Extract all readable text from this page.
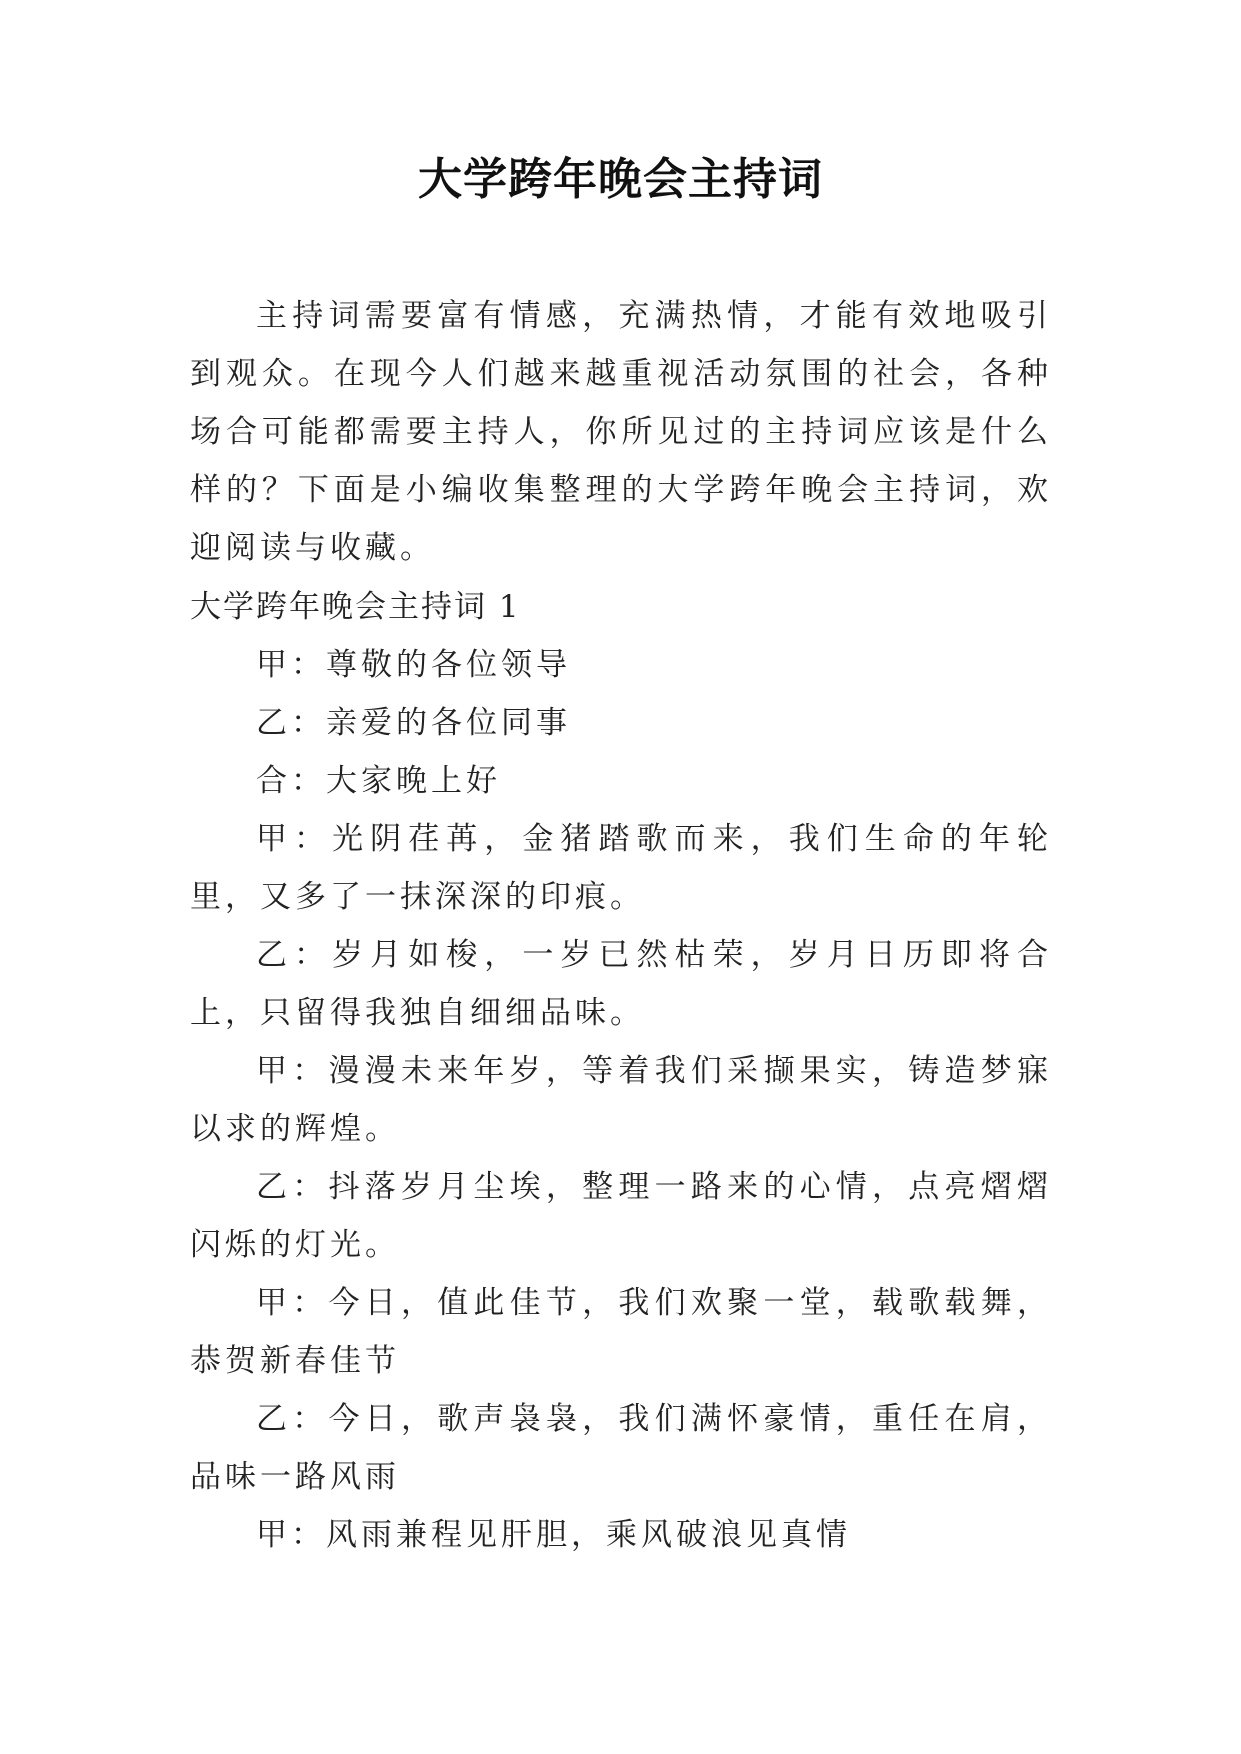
大学跨年晚会主持词
主持词需要富有情感，充满热情，才能有效地吸引到观众。在现今人们越来越重视活动氛围的社会，各种场合可能都需要主持人，你所见过的主持词应该是什么样的？下面是小编收集整理的大学跨年晚会主持词，欢迎阅读与收藏。
大学跨年晚会主持词 1
甲：尊敬的各位领导
乙：亲爱的各位同事
合：大家晚上好
甲：光阴荏苒，金猪踏歌而来，我们生命的年轮里，又多了一抹深深的印痕。
乙：岁月如梭，一岁已然枯荣，岁月日历即将合上，只留得我独自细细品味。
甲：漫漫未来年岁，等着我们采撷果实，铸造梦寐以求的辉煌。
乙：抖落岁月尘埃，整理一路来的心情，点亮熠熠闪烁的灯光。
甲：今日，值此佳节，我们欢聚一堂，载歌载舞，恭贺新春佳节
乙：今日，歌声袅袅，我们满怀豪情，重任在肩，品味一路风雨
甲：风雨兼程见肝胆，乘风破浪见真情
